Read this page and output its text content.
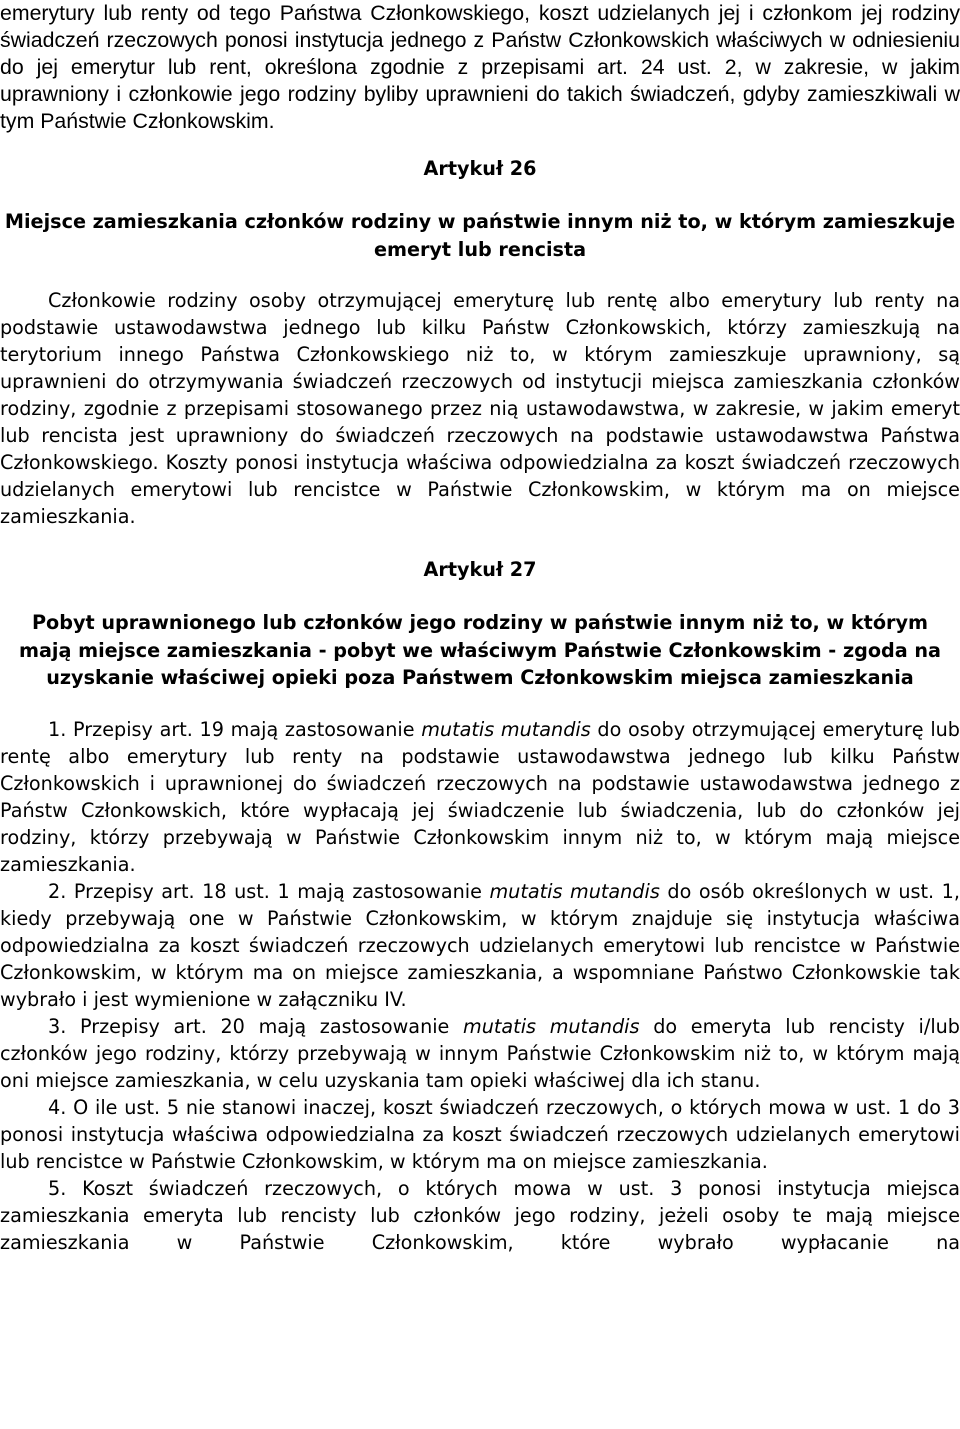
emerytury lub renty od tego Państwa Członkowskiego, koszt udzielanych jej i członkom jej rodziny świadczeń rzeczowych ponosi instytucja jednego z Państw Członkowskich właściwych w odniesieniu do jej emerytur lub rent, określona zgodnie z przepisami art. 24 ust. 2, w zakresie, w jakim uprawniony i członkowie jego rodziny byliby uprawnieni do takich świadczeń, gdyby zamieszkiwali w tym Państwie Członkowskim.

Artykuł 26

Miejsce zamieszkania członków rodziny w państwie innym niż to, w którym zamieszkuje emeryt lub rencista

Członkowie rodziny osoby otrzymującej emeryturę lub rentę albo emerytury lub renty na podstawie ustawodawstwa jednego lub kilku Państw Członkowskich, którzy zamieszkują na terytorium innego Państwa Członkowskiego niż to, w którym zamieszkuje uprawniony, są uprawnieni do otrzymywania świadczeń rzeczowych od instytucji miejsca zamieszkania członków rodziny, zgodnie z przepisami stosowanego przez nią ustawodawstwa, w zakresie, w jakim emeryt lub rencista jest uprawniony do świadczeń rzeczowych na podstawie ustawodawstwa Państwa Członkowskiego. Koszty ponosi instytucja właściwa odpowiedzialna za koszt świadczeń rzeczowych udzielanych emerytowi lub rencistce w Państwie Członkowskim, w którym ma on miejsce zamieszkania.

Artykuł 27

Pobyt uprawnionego lub członków jego rodziny w państwie innym niż to, w którym mają miejsce zamieszkania - pobyt we właściwym Państwie Członkowskim - zgoda na uzyskanie właściwej opieki poza Państwem Członkowskim miejsca zamieszkania

1. Przepisy art. 19 mają zastosowanie mutatis mutandis do osoby otrzymującej emeryturę lub rentę albo emerytury lub renty na podstawie ustawodawstwa jednego lub kilku Państw Członkowskich i uprawnionej do świadczeń rzeczowych na podstawie ustawodawstwa jednego z Państw Członkowskich, które wypłacają jej świadczenie lub świadczenia, lub do członków jej rodziny, którzy przebywają w Państwie Członkowskim innym niż to, w którym mają miejsce zamieszkania.

2. Przepisy art. 18 ust. 1 mają zastosowanie mutatis mutandis do osób określonych w ust. 1, kiedy przebywają one w Państwie Członkowskim, w którym znajduje się instytucja właściwa odpowiedzialna za koszt świadczeń rzeczowych udzielanych emerytowi lub rencistce w Państwie Członkowskim, w którym ma on miejsce zamieszkania, a wspomniane Państwo Członkowskie tak wybrało i jest wymienione w załączniku IV.

3. Przepisy art. 20 mają zastosowanie mutatis mutandis do emeryta lub rencisty i/lub członków jego rodziny, którzy przebywają w innym Państwie Członkowskim niż to, w którym mają oni miejsce zamieszkania, w celu uzyskania tam opieki właściwej dla ich stanu.

4. O ile ust. 5 nie stanowi inaczej, koszt świadczeń rzeczowych, o których mowa w ust. 1 do 3 ponosi instytucja właściwa odpowiedzialna za koszt świadczeń rzeczowych udzielanych emerytowi lub rencistce w Państwie Członkowskim, w którym ma on miejsce zamieszkania.

5. Koszt świadczeń rzeczowych, o których mowa w ust. 3 ponosi instytucja miejsca zamieszkania emeryta lub rencisty lub członków jego rodziny, jeżeli osoby te mają miejsce zamieszkania w Państwie Członkowskim, które wybrało wypłacanie na
